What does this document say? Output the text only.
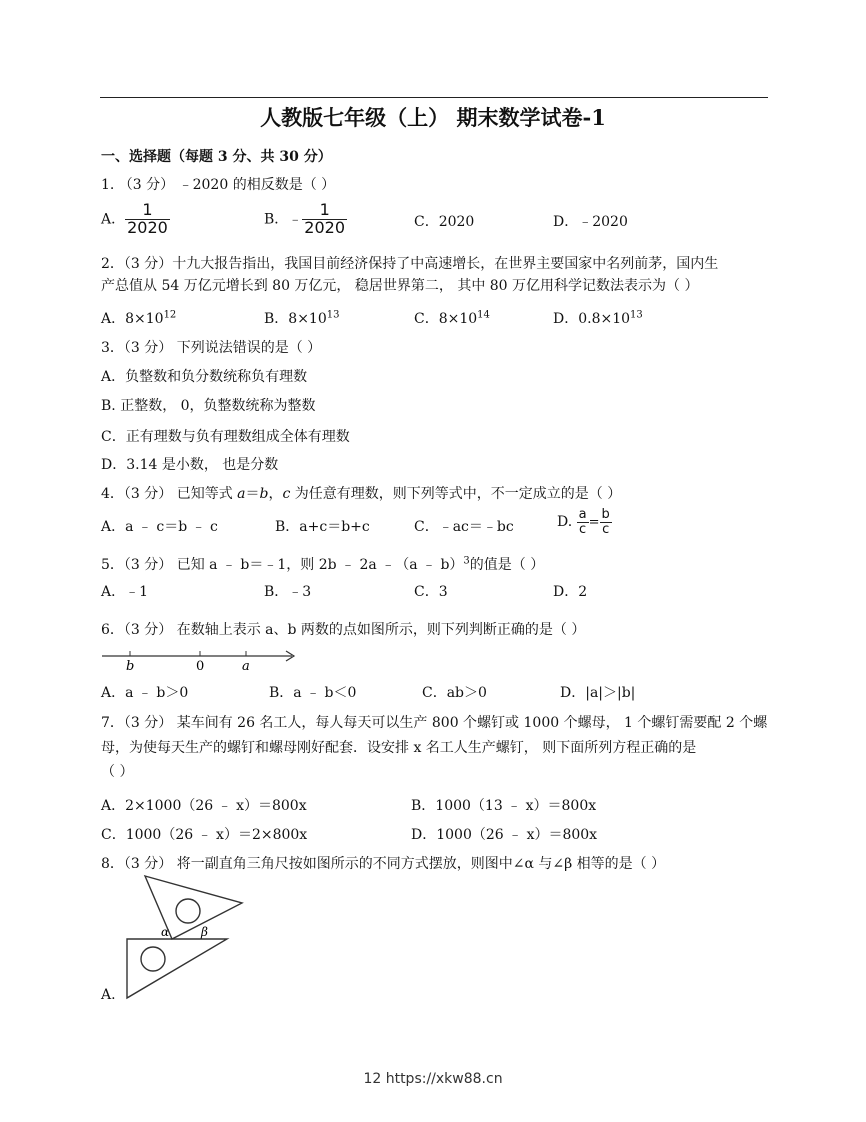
人教版七年级（上） 期末数学试卷-1
一、选择题（每题 3 分、共 30 分）
1. （3 分） ﹣2020 的相反数是（ ）
A． $\frac{1}{2020}$	B．﹣ $\frac{1}{2020}$	C．2020	D．﹣2020
2．（3 分）十九大报告指出，我国目前经济保持了中高速增长，在世界主要国家中名列前茅，国内生
产总值从 54 万亿元增长到 80 万亿元， 稳居世界第二， 其中 80 万亿用科学记数法表示为（ ）
A．$8\times 10^{12}$	B．$8\times 10^{13}$	C．$8\times 10^{14}$	D．$0.8\times 10^{13}$
3．（3 分） 下列说法错误的是（ ）
A．负整数和负分数统称负有理数
B. 正整数， 0，负整数统称为整数
C．正有理数与负有理数组成全体有理数
D．3.14 是小数， 也是分数
4．（3 分） 已知等式 a＝b，c 为任意有理数，则下列等式中，不一定成立的是（ ）
A．a ﹣ c＝b ﹣ c	B．a+c＝b+c	C．﹣ac＝﹣bc	D. $\frac{a}{c} = \frac{b}{c}$
5．（3 分） 已知 a ﹣ b＝﹣1，则 2b ﹣ 2a ﹣（a ﹣ b）$^3$的值是（ ）
A．﹣1	B．﹣3	C．3	D．2
6．（3 分） 在数轴上表示 a、b 两数的点如图所示，则下列判断正确的是（ ）
b	0	a
A．a ﹣ b＞0	B．a ﹣ b＜0	C．ab＞0	D．|a|＞|b|
7．（3 分） 某车间有 26 名工人，每人每天可以生产 800 个螺钉或 1000 个螺母， 1 个螺钉需要配 2 个螺
母，为使每天生产的螺钉和螺母刚好配套．设安排 x 名工人生产螺钉， 则下面所列方程正确的是
（ ）
A．2×1000（26 ﹣ x）＝800x	B．1000（13 ﹣ x）＝800x
C．1000（26 ﹣ x）＝2×800x	D．1000（26 ﹣ x）＝800x
8．（3 分） 将一副直角三角尺按如图所示的不同方式摆放，则图中∠α 与∠β 相等的是（ ）
α	β
A.
12 https://xkw88.cn
